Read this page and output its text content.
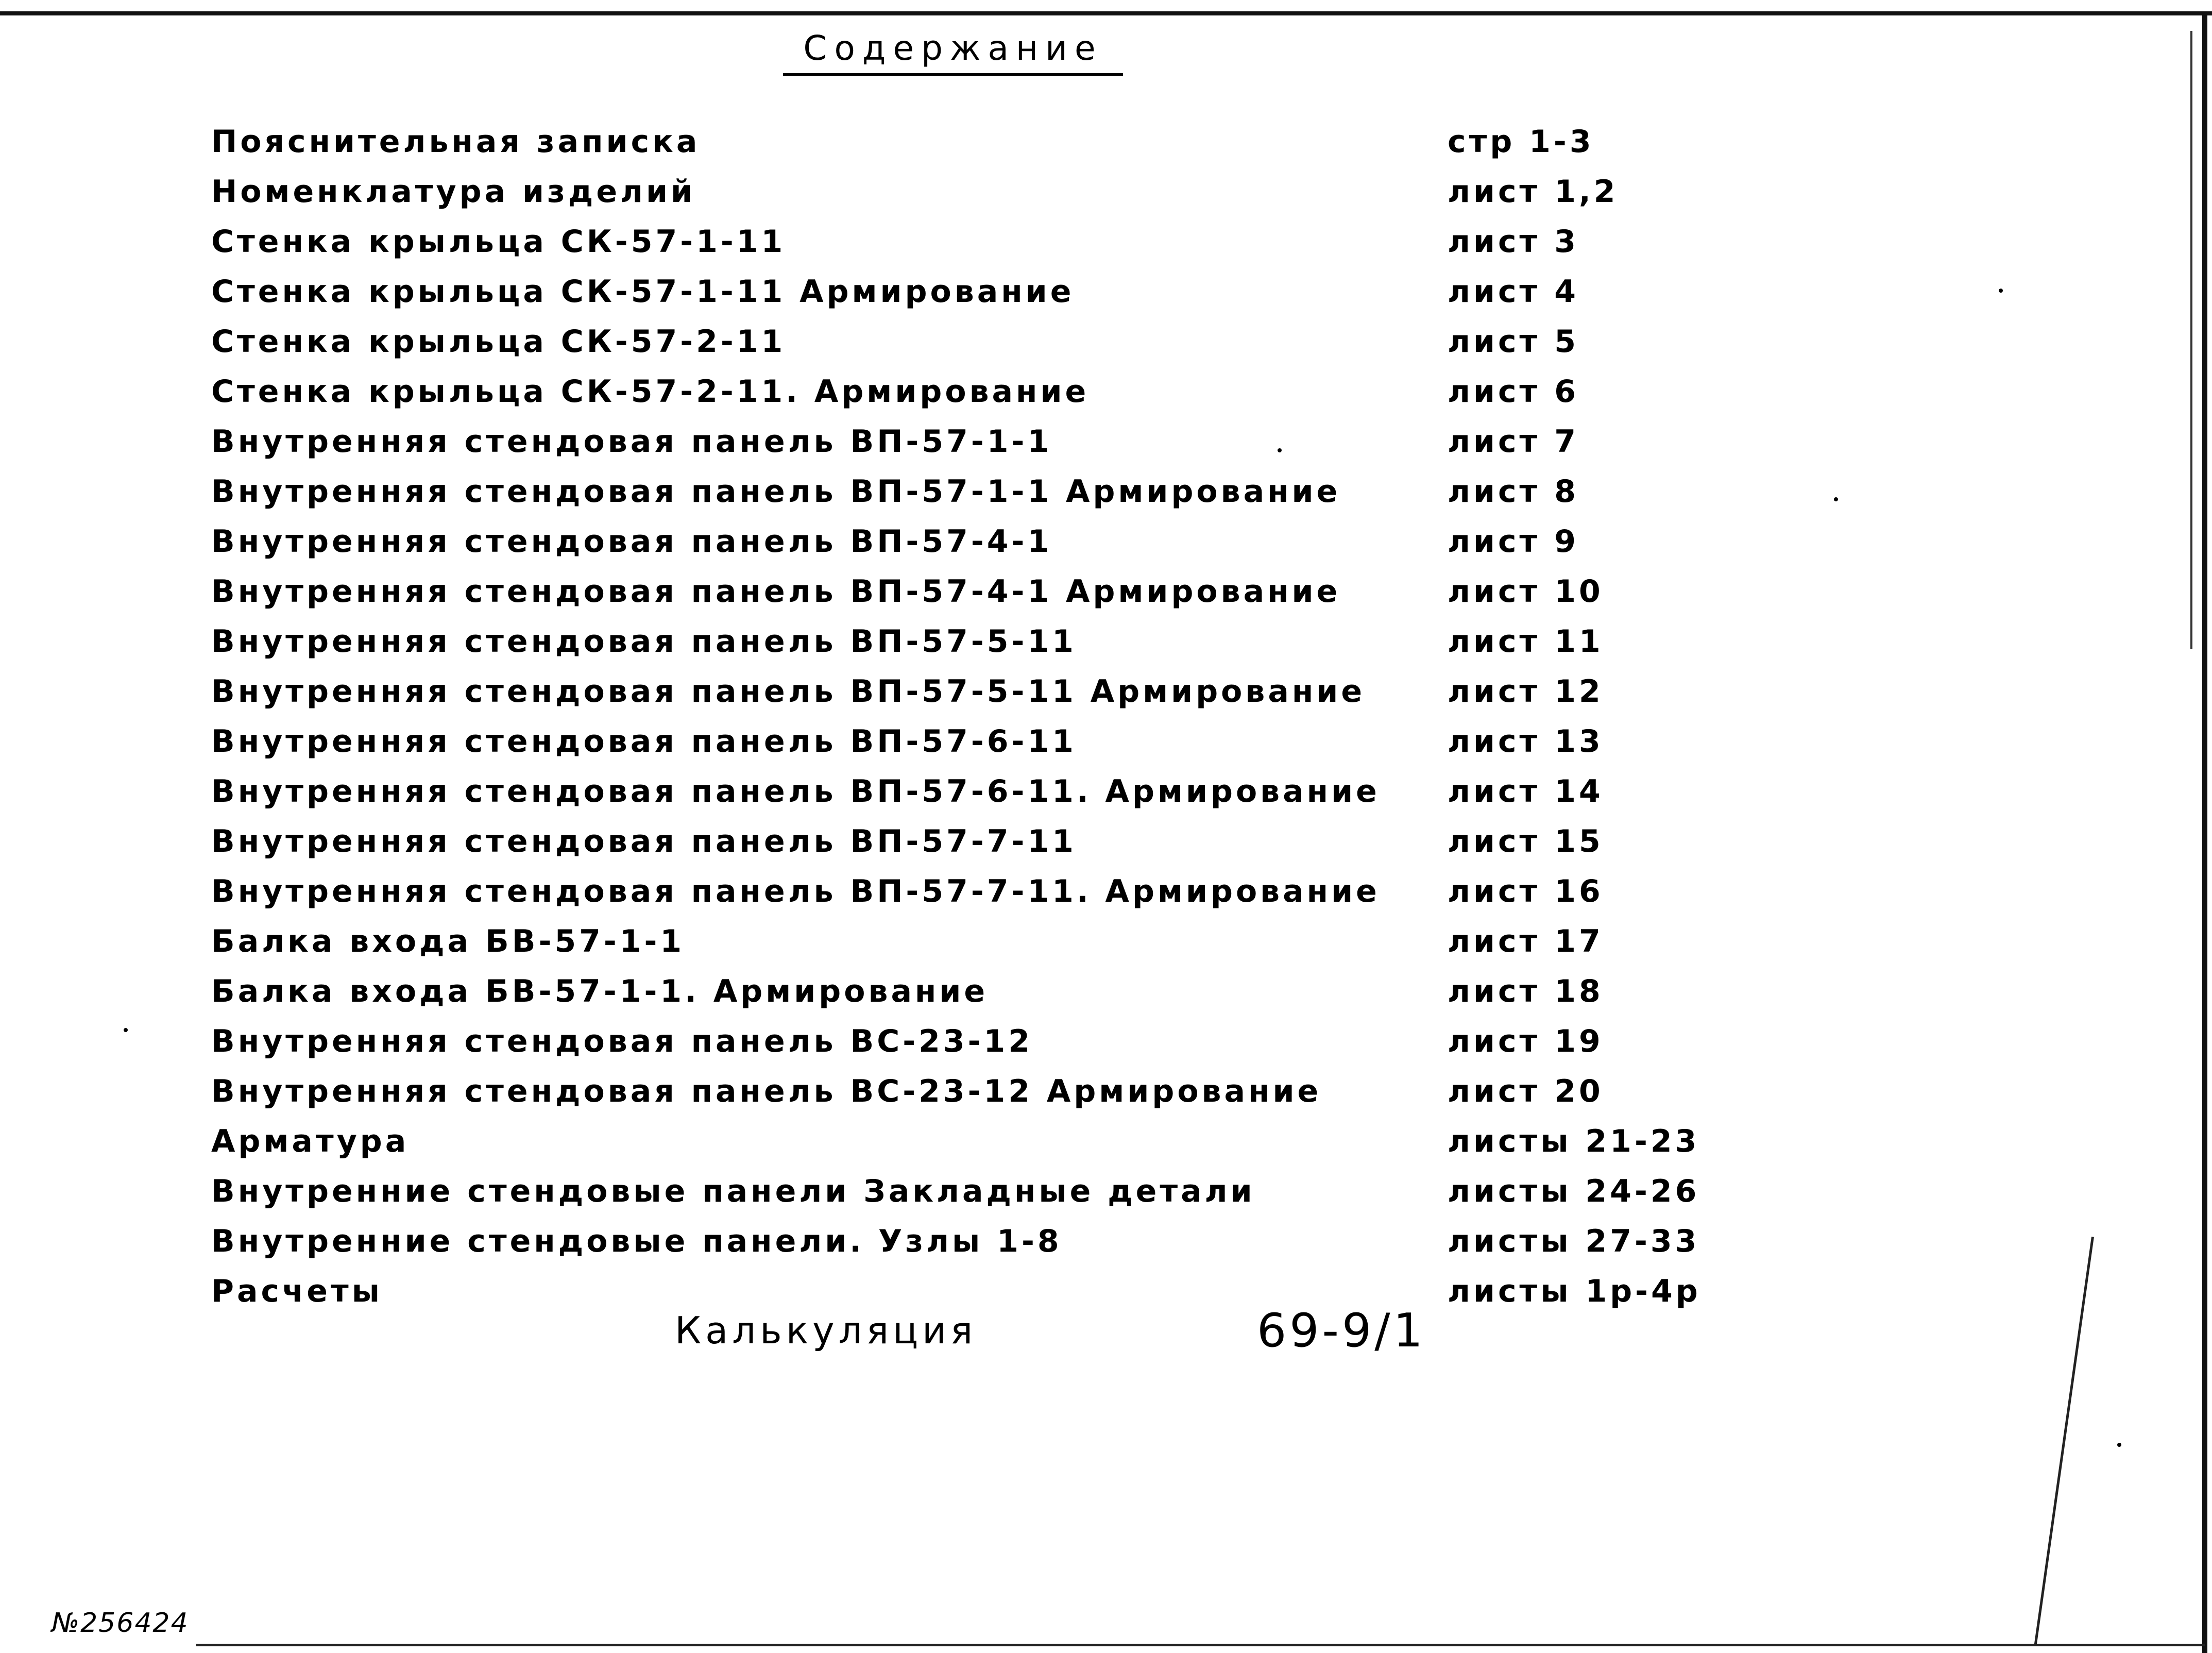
Содержание
Пояснительная записка	стр 1-3
Номенклатура изделий	лист 1,2
Стенка крыльца СК-57-1-11	лист 3
Стенка крыльца СК-57-1-11 Армирование	лист 4
Стенка крыльца СК-57-2-11	лист 5
Стенка крыльца СК-57-2-11. Армирование	лист 6
Внутренняя стендовая панель ВП-57-1-1	лист 7
Внутренняя стендовая панель ВП-57-1-1 Армирование	лист 8
Внутренняя стендовая панель ВП-57-4-1	лист 9
Внутренняя стендовая панель ВП-57-4-1 Армирование	лист 10
Внутренняя стендовая панель ВП-57-5-11	лист 11
Внутренняя стендовая панель ВП-57-5-11 Армирование	лист 12
Внутренняя стендовая панель ВП-57-6-11	лист 13
Внутренняя стендовая панель ВП-57-6-11. Армирование лист 14
Внутренняя стендовая панель ВП-57-7-11	лист 15
Внутренняя стендовая панель ВП-57-7-11. Армирование лист 16
Балка входа БВ-57-1-1	лист 17
Балка входа БВ-57-1-1. Армирование	лист 18
Внутренняя стендовая панель ВС-23-12	лист 19
Внутренняя стендовая панель ВС-23-12 Армирование	лист 20
Арматура	листы 21-23
Внутренние стендовые панели Закладные детали	листы 24-26
Внутренние стендовые панели. Узлы 1-8	листы 27-33
Расчеты	листы 1р-4р
Калькуляция	69-9/1
№256424
